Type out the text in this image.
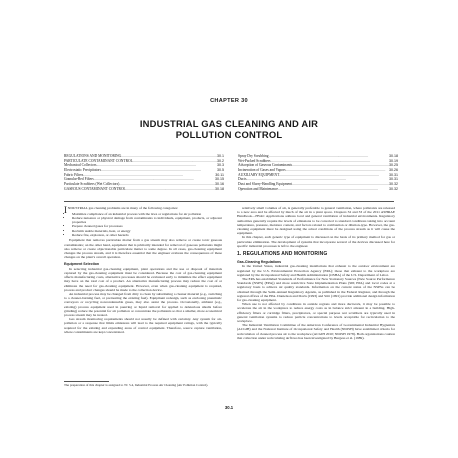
CHAPTER 30
INDUSTRIAL GAS CLEANING AND AIR
POLLUTION CONTROL
REGULATIONS AND MONITORING .....	30.1
PARTICULATE CONTAMINANT CONTROL .....	30.2
Mechanical Collectors .....	30.3
Electrostatic Precipitators .....	30.5
Fabric Filters .....	30.11
Granular-Bed Filters .....	30.15
Particulate Scrubbers (Wet Collectors) .....	30.16
GASEOUS CONTAMINANT CONTROL .....	30.18
Spray Dry Scrubbing .....	30.18
Wet-Packed Scrubbers .....	30.19
Adsorption of Gaseous Contaminants .....	30.25
Incineration of Gases and Vapors .....	30.26
AUXILIARY EQUIPMENT .....	30.31
Ducts .....	30.31
Dust and Slurry-Handling Equipment .....	30.32
Operation and Maintenance .....	30.32

INDUSTRIAL gas cleaning problems are in many of the following categories:

• Maximize compliance of an industrial process with the laws or regulations for air pollution
• Reduce nuisance or physical damage from contaminants to individuals, equipment, products, or adjacent properties
• Prepare cleaned gases for processes
• Reclaim usable materials, heat, or energy
• Reduce fire, explosion, or other hazards

Equipment that removes particulate matter from a gas stream may also remove or create toxic gaseous contaminants; on the other hand, equipment that is primarily intended for removal of gaseous pollutants might also remove or create objectionable particulate matter to some degree. In all cases, gas-cleaning equipment changes the process stream, and it is therefore essential that the engineer evaluate the consequences of these changes on the plant's overall operation.

Equipment Selection

In selecting industrial gas-cleaning equipment, plant operations and the use or disposal of materials captured by the gas-cleaning equipment must be considered. Because the cost of gas-cleaning equipment affects manufacturing costs, alternative processes should be evaluated early to minimize the effect equipment may have on the total cost of a product. An alternative manufacturing process may reduce the cost of or eliminate the need for gas-cleaning equipment. However, even when gas-cleaning equipment is required, process and product changes should be made to the collection device.

An industrial process may be changed from dirty to clean by substituting a cleaner material (e.g., switching to a cleaner-burning fuel, or pretreating the existing fuel). Equipment redesign, such as enclosing pneumatic conveyors or recycling noncondensable gases, may also assist the process. Occasionally, ambient (e.g., existing) process equipment used in puerring or liquid removal for applied to deleterious alkalis before grinding) reduce the potential for air pollution or concentrate the pollutants so that a smaller, more economical process stream may be treated.

Gas stream monitoring requirements should not usually be defined with certainty. Any system for air-pollution or a response that limits emissions will lead to the required equipment ratings, with the typically required for the existing and expanding areas of control equipment. Therefore, source capture ventilation, where contaminants are kept concentrated.

The preparation of this chapter is assigned to TC 5.4, Industrial Process Air Cleaning (Air Pollution Control).

relatively small volumes of air, is generally preferable to general ventilation, where pollutants are released to a new area and be affected by much of the air in a plant space. Chapters 32 and 33 of the 2011 ASHRAE Handbook—HVAC Applications address local and general ventilation of industrial environments. Regulatory authorities generally require the levels of emissions to be corrected to standard conditions taking into account temperature, pressure, moisture content, and factors related to combustion or dilution-type. However, the gas-cleaning equipment must be designed using the actual conditions of the process stream as it will cause the equipment.

In this chapter, each generic type of equipment is discussed on the basis of its primary method for gas or particulate elimination. The development of systems that incorporate several of the devices discussed here for specific industrial processes is left to the engineer.

1. REGULATIONS AND MONITORING
Gas-Cleaning Regulations

In the United States, industrial gas-cleaning installations that exhaust to the outdoor environment are regulated by the U.S. Environmental Protection Agency (EPA); those that exhaust to the workplace are regulated by the Occupational Safety and Health Administration (OSHA) of the U.S. Department of Labor.

The EPA has established Standards of Performance for New Stationary Sources (New Source Performance Standards (NSPS) (EPA)) and more restrictive State Implementation Plans (SIP, EPA) and local codes at a regulatory basis to achieve air quality standards. Information on the current status of the NSPSs can be obtained through the Semi-Annual Regulatory Agenda, as published in the Federal Register, and through the regional offices of the EPA. Danielson and Davis (1993) and Stitt (1991) provide additional design information for gas-cleaning equipment.

When use is not affected by conditions in outside regions and more ductwork, it may be possible to accelerate the air in the workplace to reduce energy costs as in balance strict amount in a building. High-efficiency filters or cartridge filters, precipitators, or special purpose wet scrubbers are typically used in general ventilation systems to reduce particle concentrations to levels acceptable for recirculation to the workplace.

The Industrial Ventilation Committee of the American Conference of Governmental Industrial Hygienists (ACGIH) and the National Institute of Occupational Safety and Health (NIOSH) have established criteria for recirculation of cleaned process air to the workplace (ACGIH 2010; NIOSH 1978). Both organizations caution that collection under recirculating airflows has been investigated by Burgess et al. (1989).

30.1
